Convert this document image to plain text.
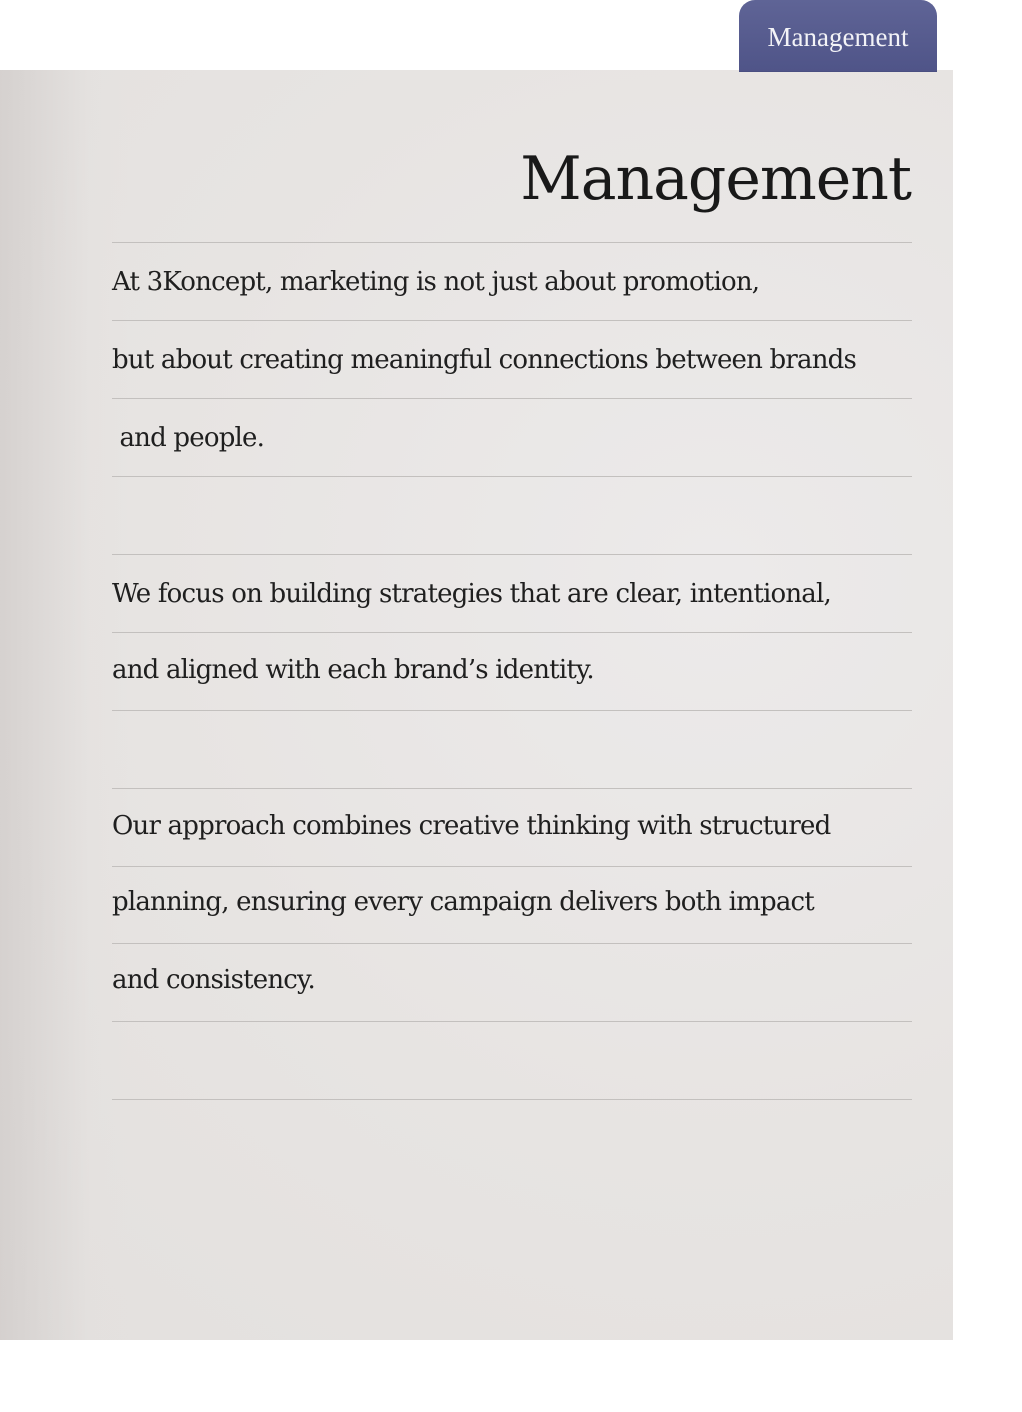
Management
Management
At 3Koncept, marketing is not just about promotion,
but about creating meaningful connections between brands
and people.
We focus on building strategies that are clear, intentional,
and aligned with each brand’s identity.
Our approach combines creative thinking with structured
planning, ensuring every campaign delivers both impact
and consistency.
